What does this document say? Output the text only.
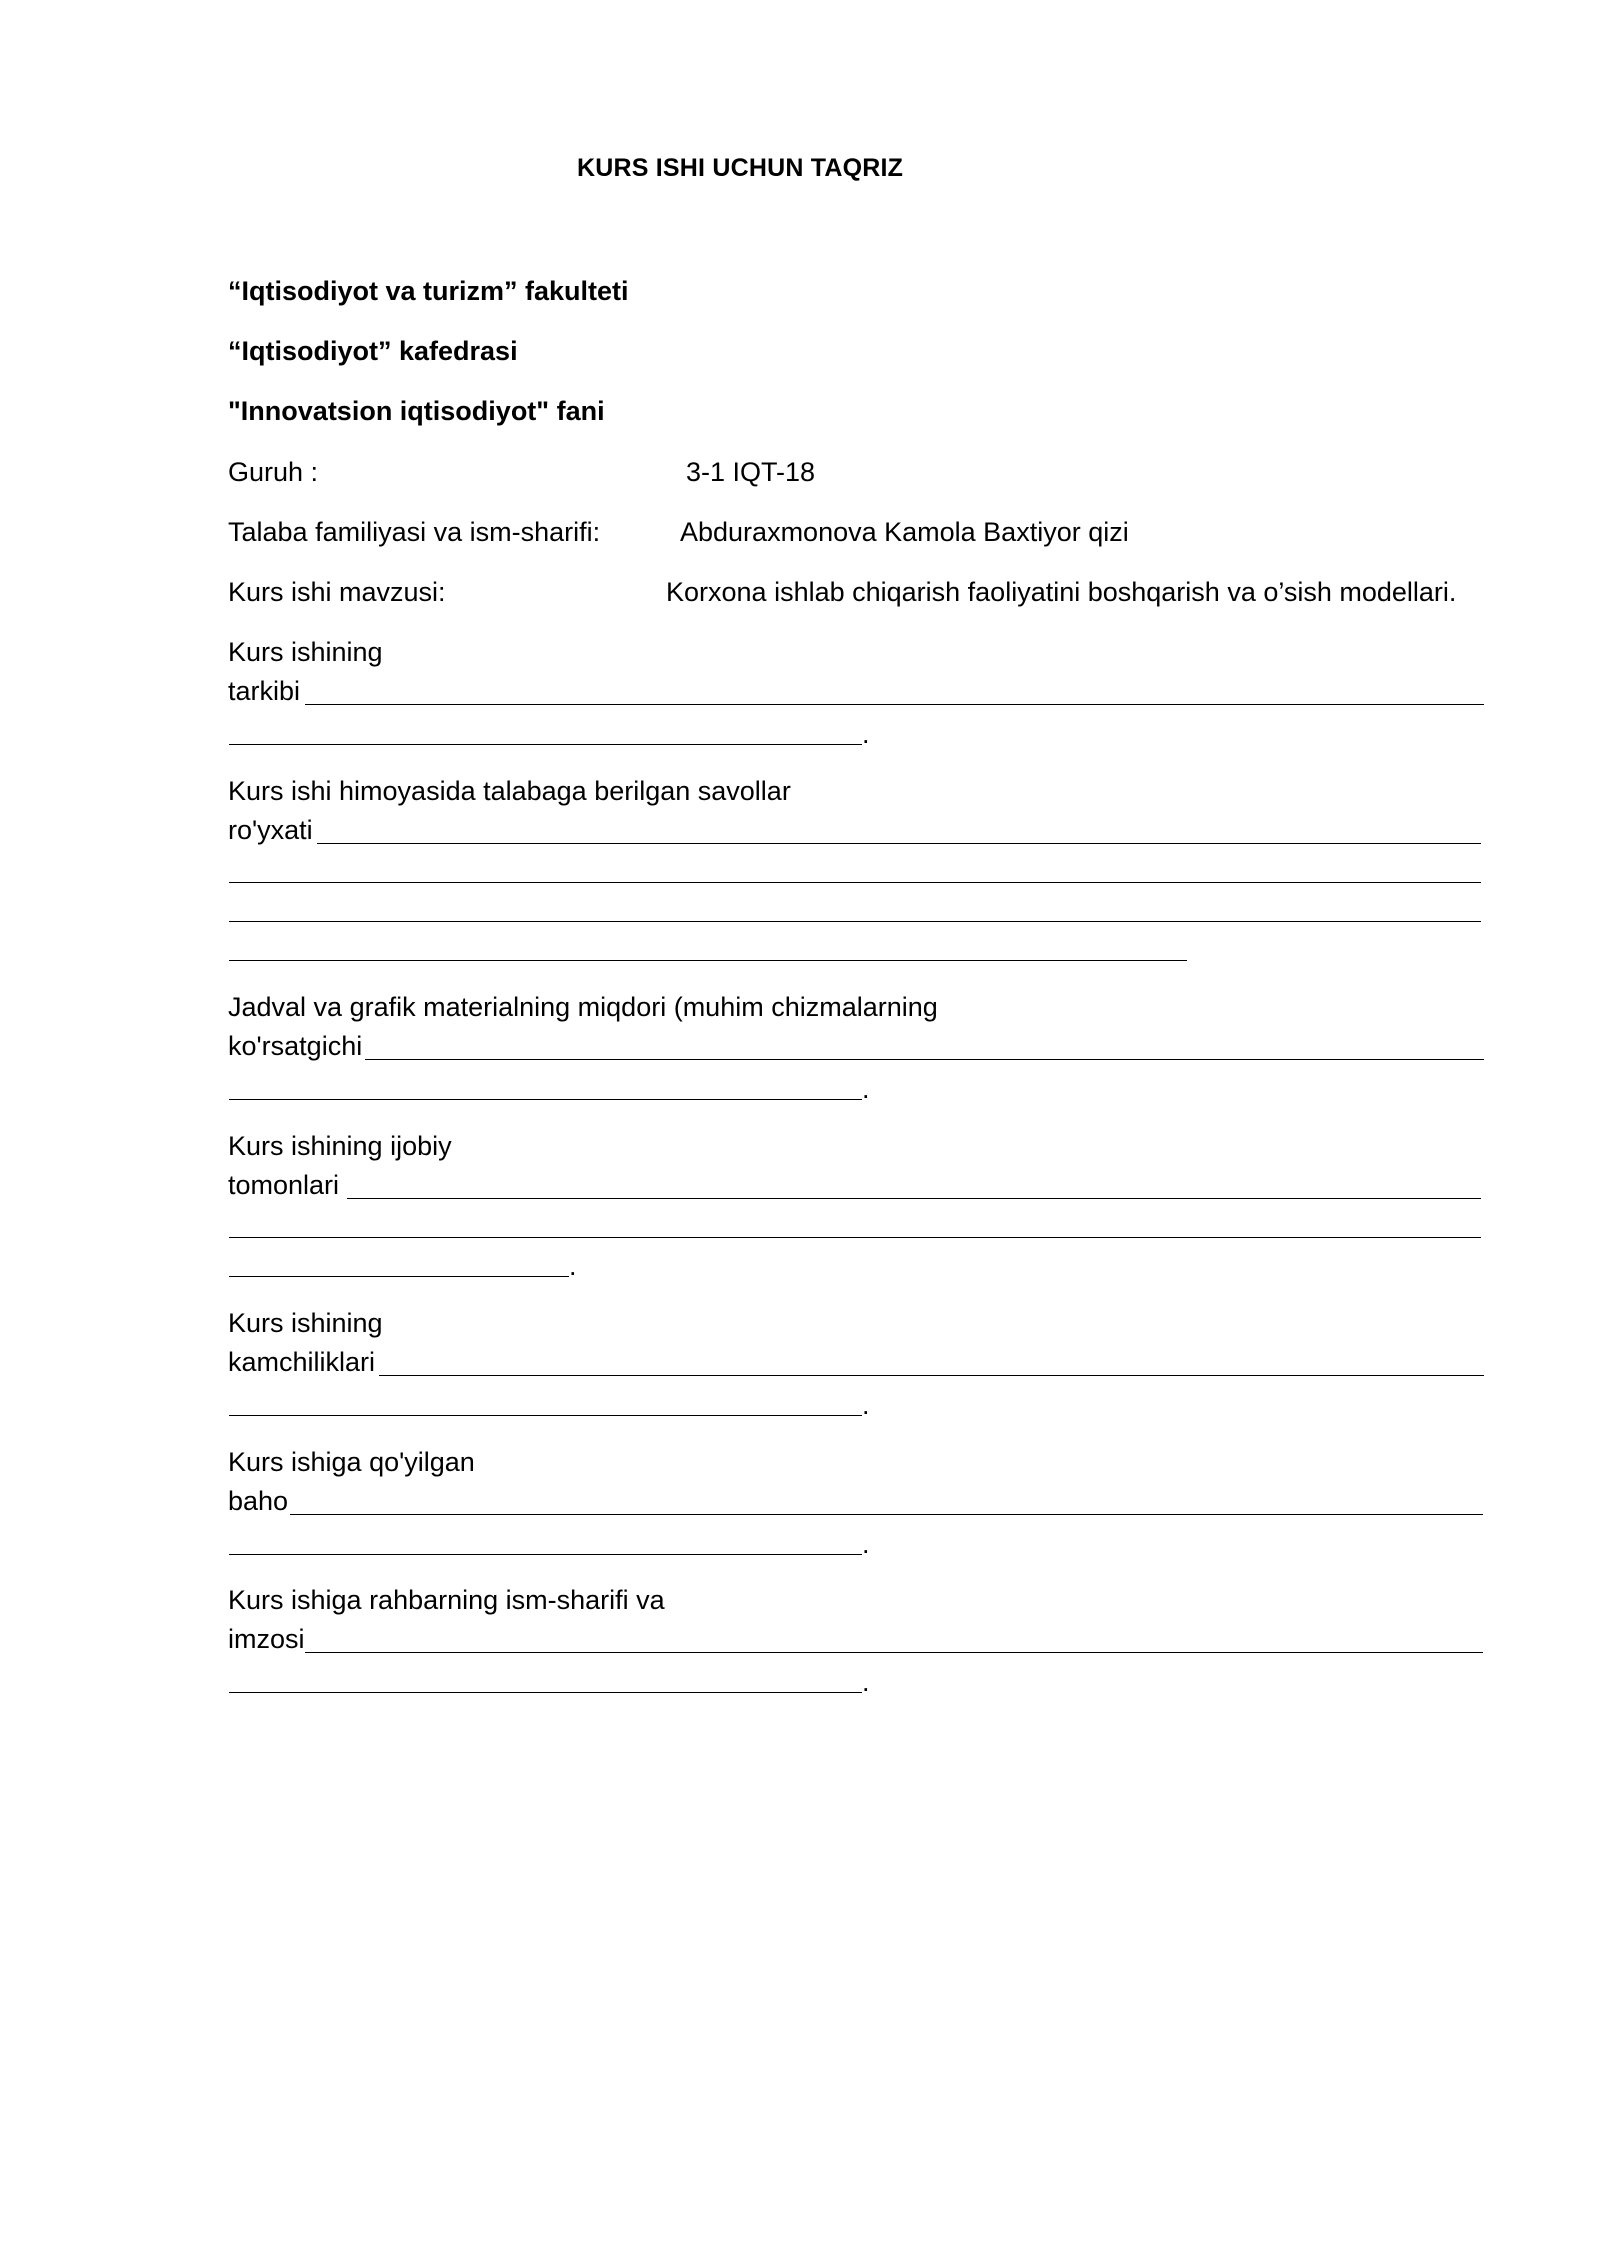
KURS ISHI UCHUN TAQRIZ
“Iqtisodiyot va turizm” fakulteti
“Iqtisodiyot” kafedrasi
"Innovatsion iqtisodiyot" fani
Guruh :	3-1 IQT-18
Talaba familiyasi va ism-sharifi:	Abduraxmonova Kamola Baxtiyor qizi
Kurs ishi mavzusi:	Korxona ishlab chiqarish faoliyatini boshqarish va o’sish modellari.
Kurs ishining
tarkibi
.
Kurs ishi himoyasida talabaga berilgan savollar
ro'yxati
Jadval va grafik materialning miqdori (muhim chizmalarning
ko'rsatgichi
.
Kurs ishining ijobiy
tomonlari
.
Kurs ishining
kamchiliklari
.
Kurs ishiga qo'yilgan
baho
.
Kurs ishiga rahbarning ism-sharifi va
imzosi
.
